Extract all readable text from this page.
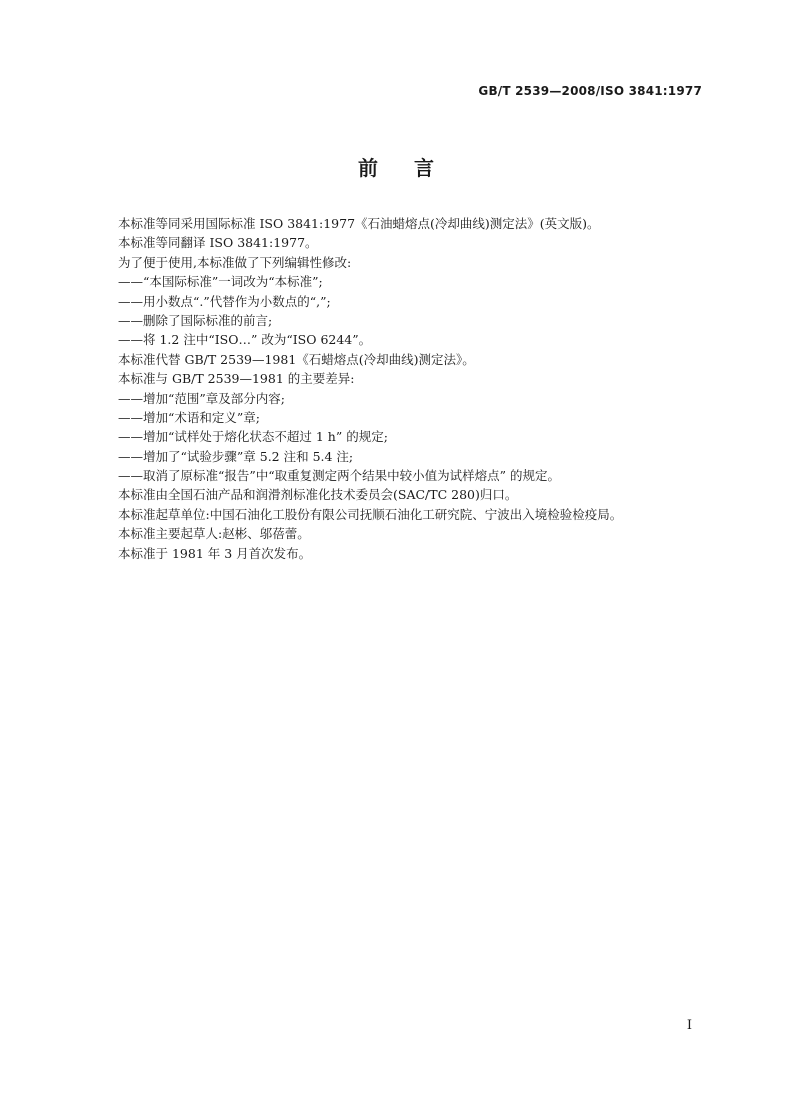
GB/T 2539—2008/ISO 3841:1977
前言
本标准等同采用国际标准 ISO 3841:1977《石油蜡熔点(冷却曲线)测定法》(英文版)。
本标准等同翻译 ISO 3841:1977。
为了便于使用,本标准做了下列编辑性修改:
——“本国际标准”一词改为“本标准”;
——用小数点“.”代替作为小数点的“,”;
——删除了国际标准的前言;
——将 1.2 注中“ISO…” 改为“ISO 6244”。
本标准代替 GB/T 2539—1981《石蜡熔点(冷却曲线)测定法》。
本标准与 GB/T 2539—1981 的主要差异:
——增加“范围”章及部分内容;
——增加“术语和定义”章;
——增加“试样处于熔化状态不超过 1 h” 的规定;
——增加了“试验步骤”章 5.2 注和 5.4 注;
——取消了原标准“报告”中“取重复测定两个结果中较小值为试样熔点” 的规定。
本标准由全国石油产品和润滑剂标准化技术委员会(SAC/TC 280)归口。
本标准起草单位:中国石油化工股份有限公司抚顺石油化工研究院、宁波出入境检验检疫局。
本标准主要起草人:赵彬、邬蓓蕾。
本标准于 1981 年 3 月首次发布。
I
